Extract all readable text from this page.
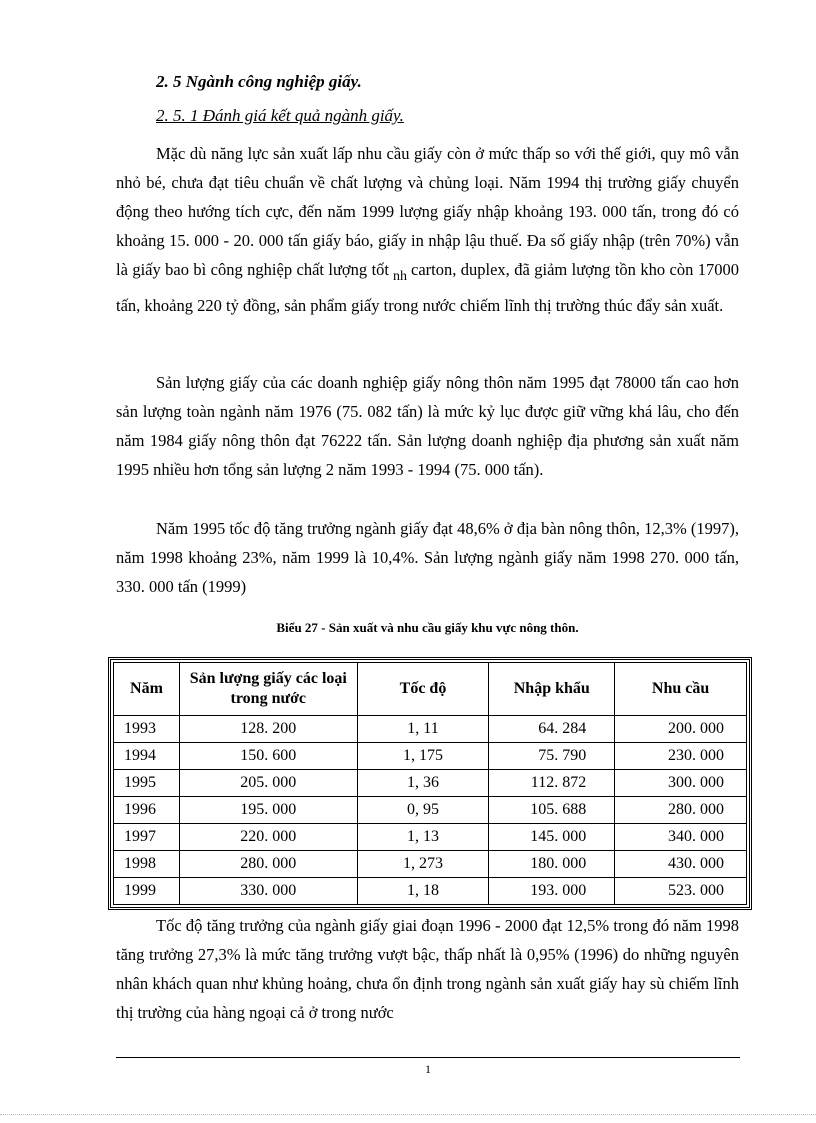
2. 5 Ngành công nghiệp giấy.

2. 5. 1 Đánh giá kết quả ngành giấy.

Mặc dù năng lực sản xuất lấp nhu cầu giấy còn ở mức thấp so với thế giới, quy mô vẫn nhỏ bé, chưa đạt tiêu chuẩn về chất lượng và chủng loại. Năm 1994 thị trường giấy chuyển động theo hướng tích cực, đến năm 1999 lượng giấy nhập khoảng 193. 000 tấn, trong đó có khoảng 15. 000 - 20. 000 tấn giấy báo, giấy in nhập lậu thuế. Đa số giấy nhập (trên 70%) vẫn là giấy bao bì công nghiệp chất lượng tốt $_{nh}$ carton, duplex, đã giảm lượng tồn kho còn 17000 tấn, khoảng 220 tỷ đồng, sản phẩm giấy trong nước chiếm lĩnh thị trường thúc đẩy sản xuất.

Sản lượng giấy của các doanh nghiệp giấy nông thôn năm 1995 đạt 78000 tấn cao hơn sản lượng toàn ngành năm 1976 (75. 082 tấn) là mức kỷ lục được giữ vững khá lâu, cho đến năm 1984 giấy nông thôn đạt 76222 tấn. Sản lượng doanh nghiệp địa phương sản xuất năm 1995 nhiều hơn tổng sản lượng 2 năm 1993 - 1994 (75. 000 tấn).

Năm 1995 tốc độ tăng trưởng ngành giấy đạt 48,6% ở địa bàn nông thôn, 12,3% (1997), năm 1998 khoảng 23%, năm 1999 là 10,4%. Sản lượng ngành giấy năm 1998 270. 000 tấn, 330. 000 tấn (1999)

Biểu 27 - Sản xuất và nhu cầu giấy khu vực nông thôn.

Năm	Sản lượng giấy các loại trong nước	Tốc độ	Nhập khẩu	Nhu cầu
1993	128. 200	1, 11	64. 284	200. 000
1994	150. 600	1, 175	75. 790	230. 000
1995	205. 000	1, 36	112. 872	300. 000
1996	195. 000	0, 95	105. 688	280. 000
1997	220. 000	1, 13	145. 000	340. 000
1998	280. 000	1, 273	180. 000	430. 000
1999	330. 000	1, 18	193. 000	523. 000

Tốc độ tăng trưởng của ngành giấy giai đoạn 1996 - 2000 đạt 12,5% trong đó năm 1998 tăng trưởng 27,3% là mức tăng trưởng vượt bậc, thấp nhất là 0,95% (1996) do những nguyên nhân khách quan như khủng hoảng, chưa ổn định trong ngành sản xuất giấy hay sù chiếm lĩnh thị trường của hàng ngoại cả ở trong nước

1
